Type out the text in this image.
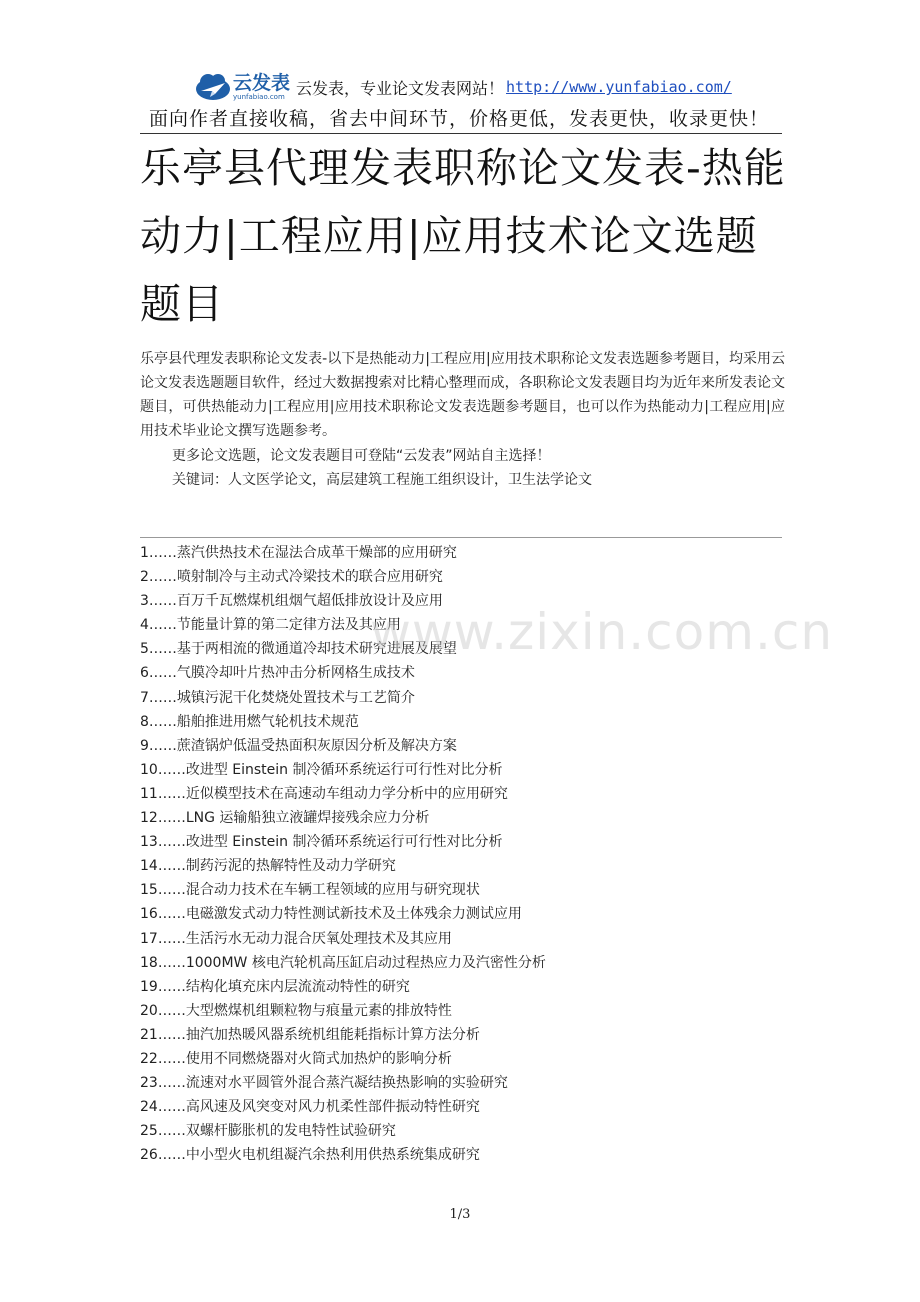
云发表
yunfabiao.com 云发表，专业论文发表网站！ http://www.yunfabiao.com/
面向作者直接收稿，省去中间环节，价格更低，发表更快，收录更快！
乐亭县代理发表职称论文发表-热能动力|工程应用|应用技术论文选题题目

乐亭县代理发表职称论文发表-以下是热能动力|工程应用|应用技术职称论文发表选题参考题目，均采用云论文发表选题题目软件，经过大数据搜索对比精心整理而成，各职称论文发表题目均为近年来所发表论文题目，可供热能动力|工程应用|应用技术职称论文发表选题参考题目，也可以作为热能动力|工程应用|应用技术毕业论文撰写选题参考。

更多论文选题，论文发表题目可登陆“云发表”网站自主选择！
关键词：人文医学论文，高层建筑工程施工组织设计，卫生法学论文
1……蒸汽供热技术在湿法合成革干燥部的应用研究
2……喷射制冷与主动式冷梁技术的联合应用研究
3……百万千瓦燃煤机组烟气超低排放设计及应用
4……节能量计算的第二定律方法及其应用
5……基于两相流的微通道冷却技术研究进展及展望
6……气膜冷却叶片热冲击分析网格生成技术
7……城镇污泥干化焚烧处置技术与工艺简介
8……船舶推进用燃气轮机技术规范
9……蔗渣锅炉低温受热面积灰原因分析及解决方案
10……改进型 Einstein 制冷循环系统运行可行性对比分析
11……近似模型技术在高速动车组动力学分析中的应用研究
12……LNG 运输船独立液罐焊接残余应力分析
13……改进型 Einstein 制冷循环系统运行可行性对比分析
14……制药污泥的热解特性及动力学研究
15……混合动力技术在车辆工程领域的应用与研究现状
16……电磁激发式动力特性测试新技术及土体残余力测试应用
17……生活污水无动力混合厌氧处理技术及其应用
18……1000MW 核电汽轮机高压缸启动过程热应力及汽密性分析
19……结构化填充床内层流流动特性的研究
20……大型燃煤机组颗粒物与痕量元素的排放特性
21……抽汽加热暖风器系统机组能耗指标计算方法分析
22……使用不同燃烧器对火筒式加热炉的影响分析
23……流速对水平圆管外混合蒸汽凝结换热影响的实验研究
24……高风速及风突变对风力机柔性部件振动特性研究
25……双螺杆膨胀机的发电特性试验研究
26……中小型火电机组凝汽余热利用供热系统集成研究
www.zixin.com.cn
1/3
